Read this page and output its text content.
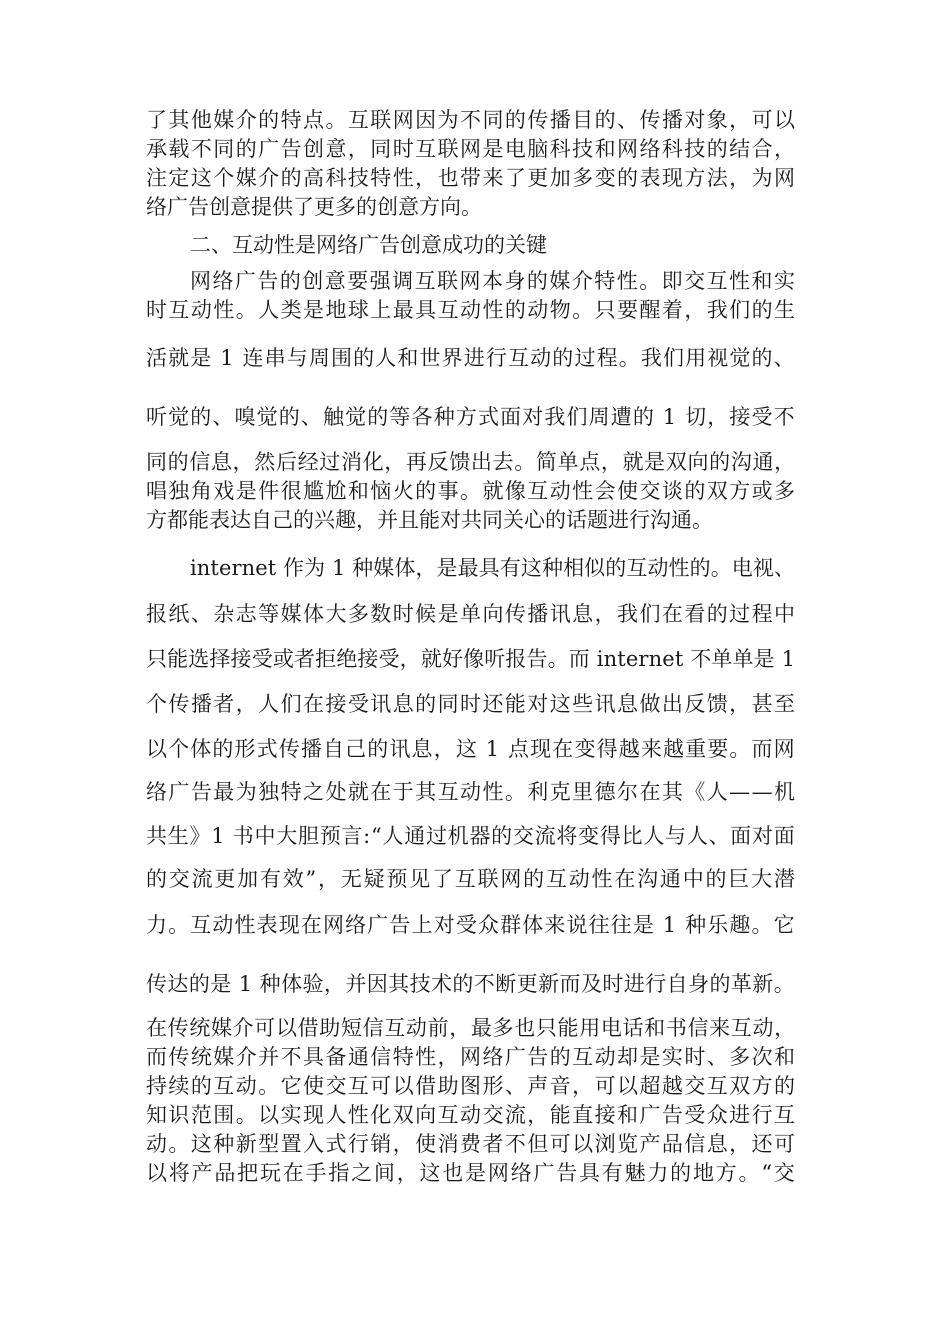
了其他媒介的特点。互联网因为不同的传播目的、传播对象，可以
承载不同的广告创意，同时互联网是电脑科技和网络科技的结合，
注定这个媒介的高科技特性，也带来了更加多变的表现方法，为网
络广告创意提供了更多的创意方向。
二、互动性是网络广告创意成功的关键
网络广告的创意要强调互联网本身的媒介特性。即交互性和实
时互动性。人类是地球上最具互动性的动物。只要醒着，我们的生
活就是 1 连串与周围的人和世界进行互动的过程。我们用视觉的、
听觉的、嗅觉的、触觉的等各种方式面对我们周遭的 1 切，接受不
同的信息，然后经过消化，再反馈出去。简单点，就是双向的沟通，
唱独角戏是件很尴尬和恼火的事。就像互动性会使交谈的双方或多
方都能表达自己的兴趣，并且能对共同关心的话题进行沟通。
internet 作为 1 种媒体，是最具有这种相似的互动性的。电视、
报纸、杂志等媒体大多数时候是单向传播讯息，我们在看的过程中
只能选择接受或者拒绝接受，就好像听报告。而 internet 不单单是 1
个传播者，人们在接受讯息的同时还能对这些讯息做出反馈，甚至
以个体的形式传播自己的讯息，这 1 点现在变得越来越重要。而网
络广告最为独特之处就在于其互动性。利克里德尔在其《人——机
共生》1 书中大胆预言:“人通过机器的交流将变得比人与人、面对面
的交流更加有效”，无疑预见了互联网的互动性在沟通中的巨大潜
力。互动性表现在网络广告上对受众群体来说往往是 1 种乐趣。它
传达的是 1 种体验，并因其技术的不断更新而及时进行自身的革新。
在传统媒介可以借助短信互动前，最多也只能用电话和书信来互动，
而传统媒介并不具备通信特性，网络广告的互动却是实时、多次和
持续的互动。它使交互可以借助图形、声音，可以超越交互双方的
知识范围。以实现人性化双向互动交流，能直接和广告受众进行互
动。这种新型置入式行销，使消费者不但可以浏览产品信息，还可
以将产品把玩在手指之间，这也是网络广告具有魅力的地方。“交
